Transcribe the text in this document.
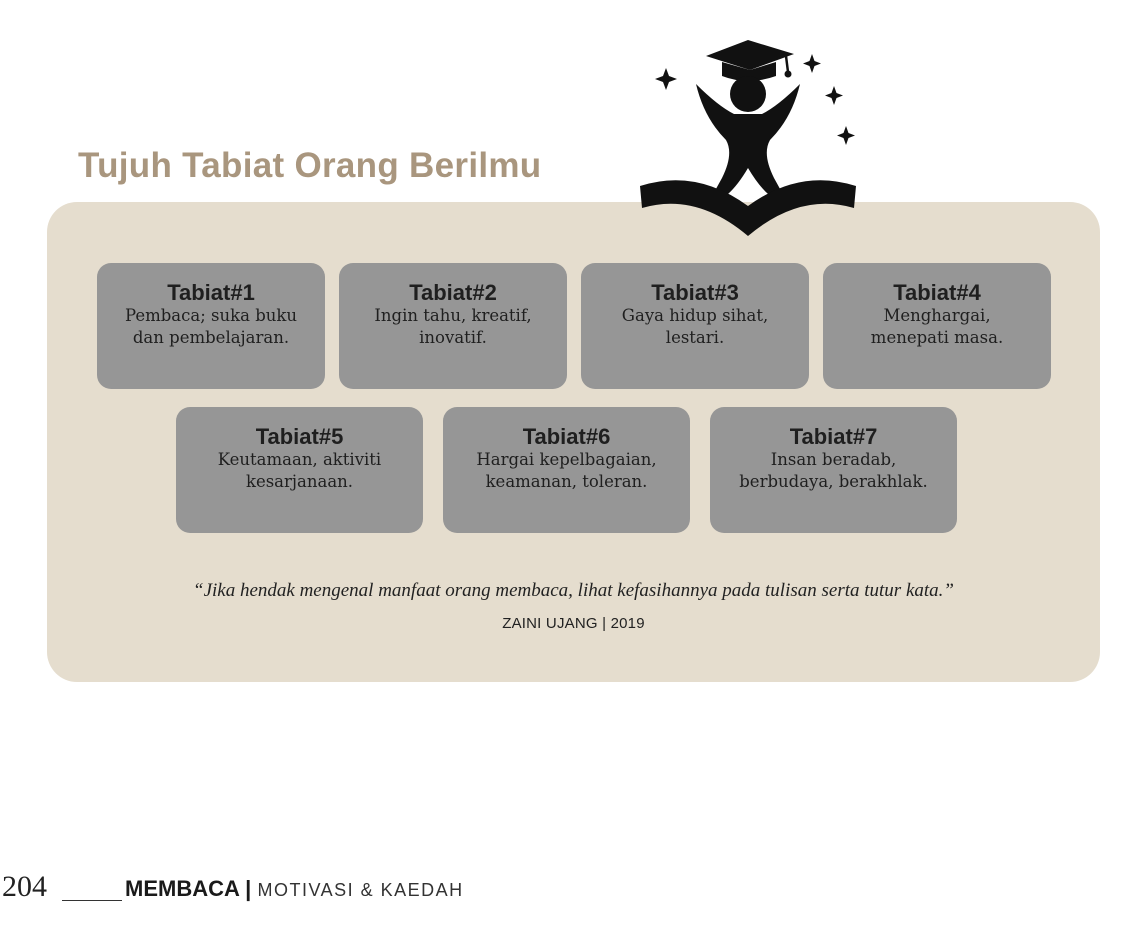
Tujuh Tabiat Orang Berilmu
Tabiat#1
Pembaca; suka buku
dan pembelajaran.
Tabiat#2
Ingin tahu, kreatif,
inovatif.
Tabiat#3
Gaya hidup sihat,
lestari.
Tabiat#4
Menghargai,
menepati masa.
Tabiat#5
Keutamaan, aktiviti
kesarjanaan.
Tabiat#6
Hargai kepelbagaian,
keamanan, toleran.
Tabiat#7
Insan beradab,
berbudaya, berakhlak.
“Jika hendak mengenal manfaat orang membaca, lihat kefasihannya pada tulisan serta tutur kata.”
ZAINI UJANG | 2019
204	MEMBACA | MOTIVASI & KAEDAH
